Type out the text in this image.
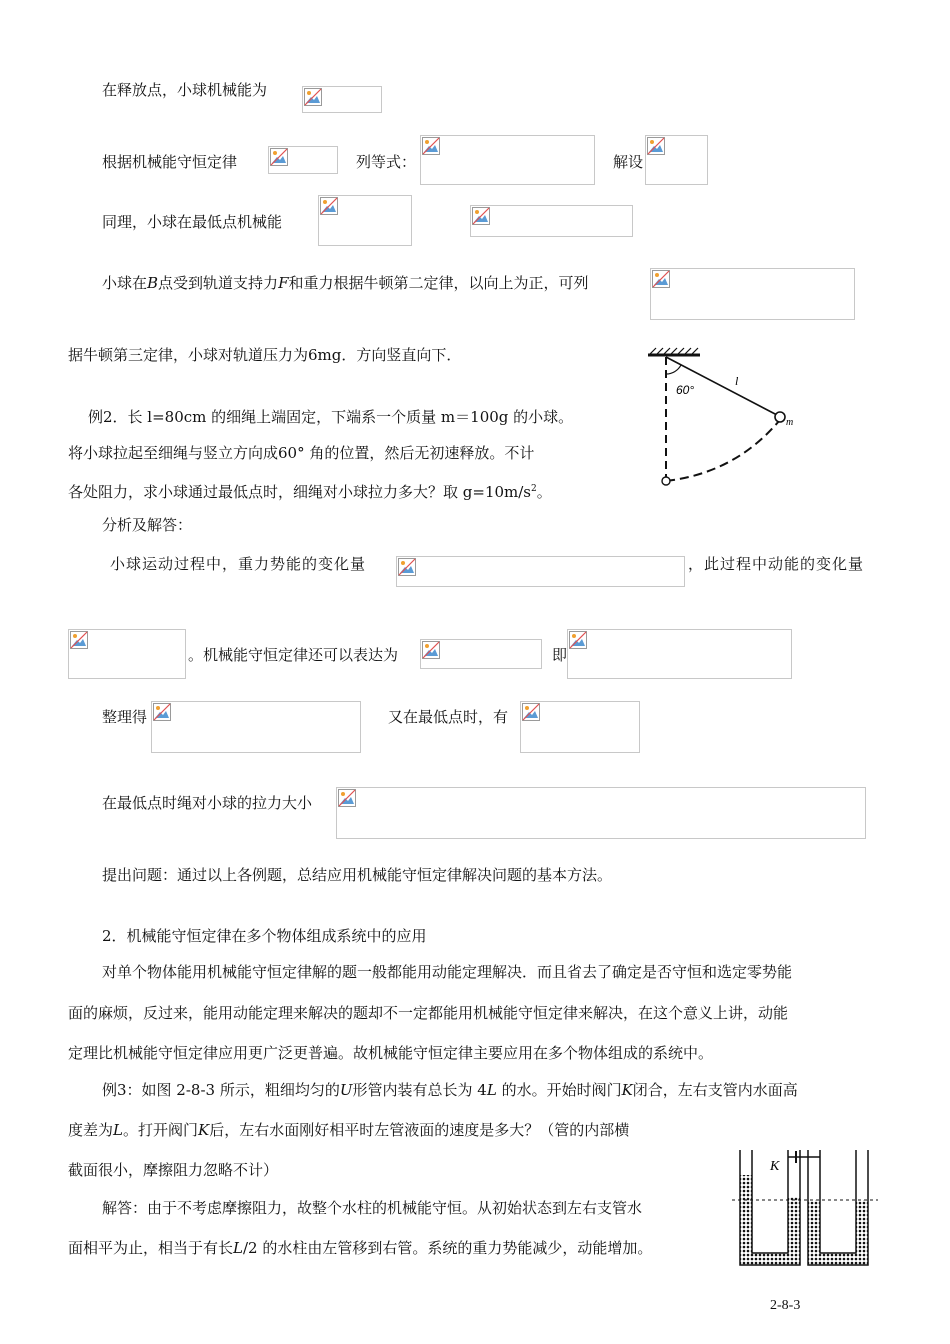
在释放点，小球机械能为
根据机械能守恒定律	列等式：	解设
同理，小球在最低点机械能
小球在B点受到轨道支持力F和重力根据牛顿第二定律，以向上为正，可列
据牛顿第三定律，小球对轨道压力为6mg．方向竖直向下．
60°
l
m
例2．长 l=80cm 的细绳上端固定，下端系一个质量 m＝100g 的小球。
将小球拉起至细绳与竖立方向成60° 角的位置，然后无初速释放。不计
各处阻力，求小球通过最低点时，细绳对小球拉力多大？取 $g=10m/s^2$。
分析及解答：
小球运动过程中，重力势能的变化量	，此过程中动能的变化量
。机械能守恒定律还可以表达为	即
整理得	又在最低点时，有
在最低点时绳对小球的拉力大小
提出问题：通过以上各例题，总结应用机械能守恒定律解决问题的基本方法。
2．机械能守恒定律在多个物体组成系统中的应用
对单个物体能用机械能守恒定律解的题一般都能用动能定理解决．而且省去了确定是否守恒和选定零势能
面的麻烦，反过来，能用动能定理来解决的题却不一定都能用机械能守恒定律来解决，在这个意义上讲，动能
定理比机械能守恒定律应用更广泛更普遍。故机械能守恒定律主要应用在多个物体组成的系统中。
例3：如图 2-8-3 所示，粗细均匀的U形管内装有总长为 4L 的水。开始时阀门K闭合，左右支管内水面高
度差为L。打开阀门K后，左右水面刚好相平时左管液面的速度是多大？（管的内部横
截面很小，摩擦阻力忽略不计）
解答：由于不考虑摩擦阻力，故整个水柱的机械能守恒。从初始状态到左右支管水
面相平为止，相当于有长L/2 的水柱由左管移到右管。系统的重力势能减少，动能增加。
K
2-8-3
